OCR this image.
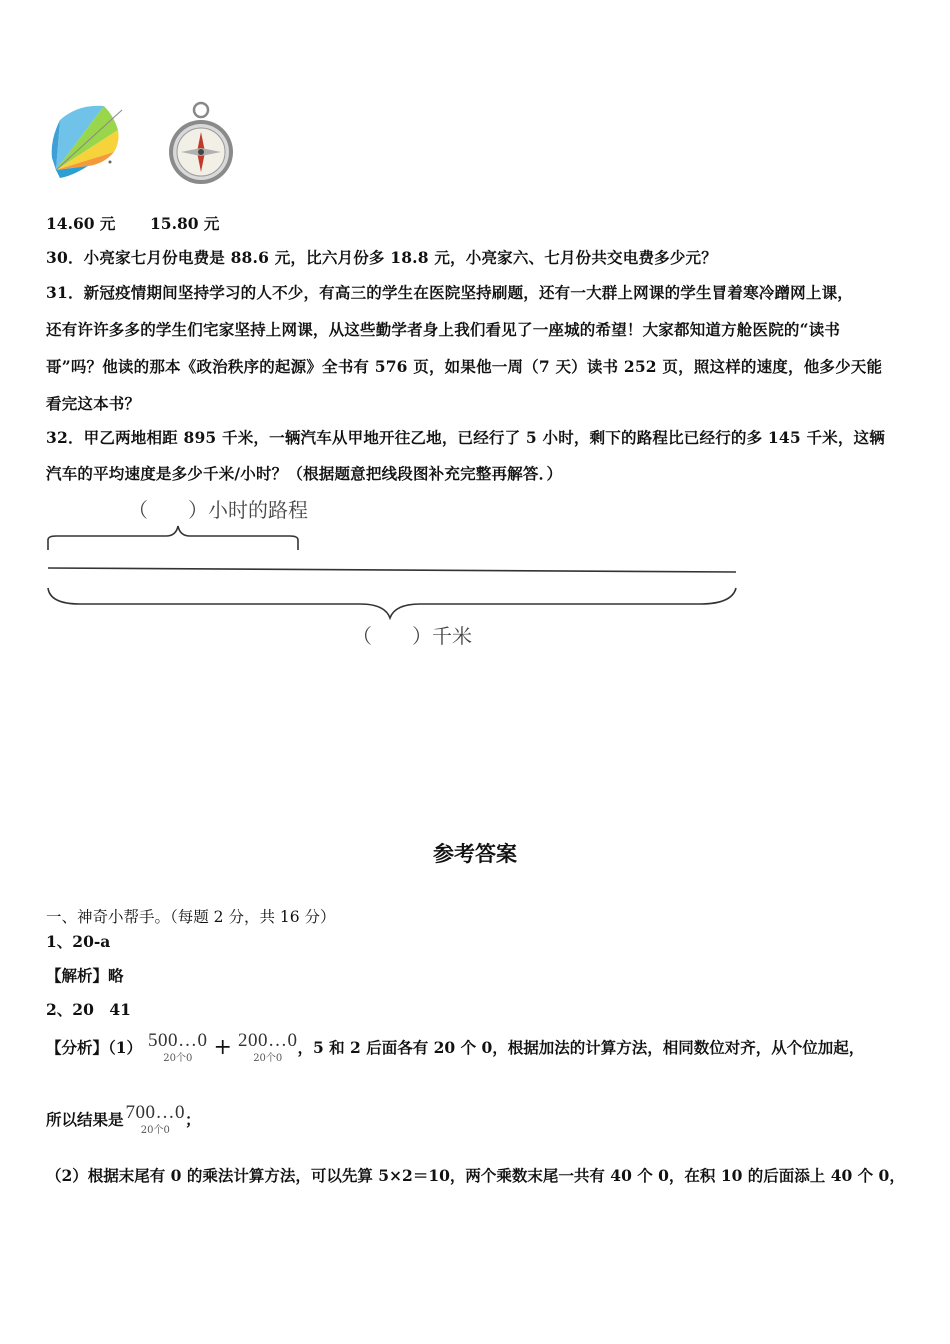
14.60 元 15.80 元
30．小亮家七月份电费是 88.6 元，比六月份多 18.8 元，小亮家六、七月份共交电费多少元？
31．新冠疫情期间坚持学习的人不少，有高三的学生在医院坚持刷题，还有一大群上网课的学生冒着寒冷蹭网上课，
还有许许多多的学生们宅家坚持上网课，从这些勤学者身上我们看见了一座城的希望！大家都知道方舱医院的“读书
哥”吗？他读的那本《政治秩序的起源》全书有 576 页，如果他一周（7 天）读书 252 页，照这样的速度，他多少天能
看完这本书？
32．甲乙两地相距 895 千米，一辆汽车从甲地开往乙地，已经行了 5 小时，剩下的路程比已经行的多 145 千米，这辆
汽车的平均速度是多少千米/小时？（根据题意把线段图补充完整再解答．）
（　　）小时的路程
（　　）千米
参考答案
一、神奇小帮手。（每题 2 分，共 16 分）
1、20-a
【解析】略
2、20　41
【分析】（1） 500…0
20个0 + 200…0
20个0
，5 和 2 后面各有 20 个 0，根据加法的计算方法，相同数位对齐，从个位加起，
所以结果是 700…0
20个0
；
（2）根据末尾有 0 的乘法计算方法，可以先算 5×2＝10，两个乘数末尾一共有 40 个 0，在积 10 的后面添上 40 个 0，
